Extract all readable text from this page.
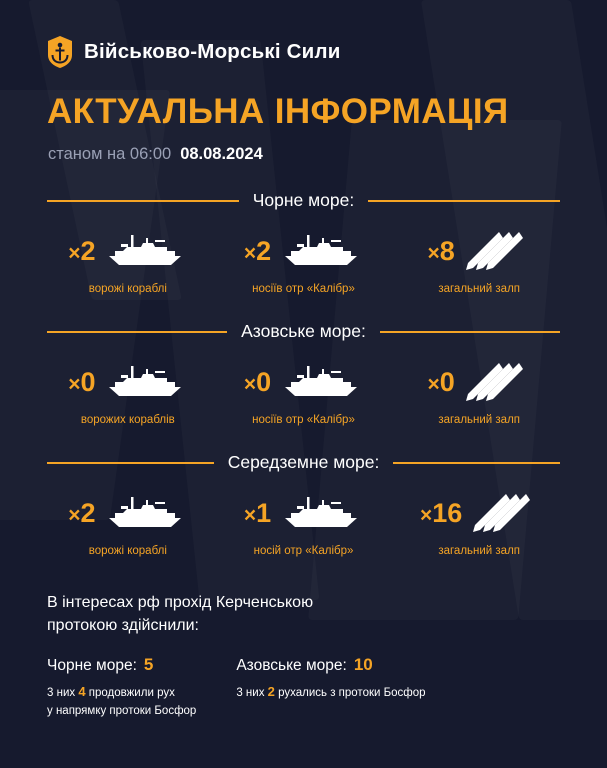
Військово-Морські Сили
АКТУАЛЬНА ІНФОРМАЦІЯ
станом на 06:00 08.08.2024
Чорне море:
×2
ворожі кораблі
×2
носіїв отр «Калібр»
×8
загальний залп
Азовське море:
×0
ворожих кораблів
×0
носіїв отр «Калібр»
×0
загальний залп
Середземне море:
×2
ворожі кораблі
×1
носій отр «Калібр»
×16
загальний залп
В інтересах рф прохід Керченською
протокою здійснили:
Чорне море: 5
3 них 4 продовжили рух
у напрямку протоки Босфор
Азовське море: 10
3 них 2 рухались з протоки Босфор
